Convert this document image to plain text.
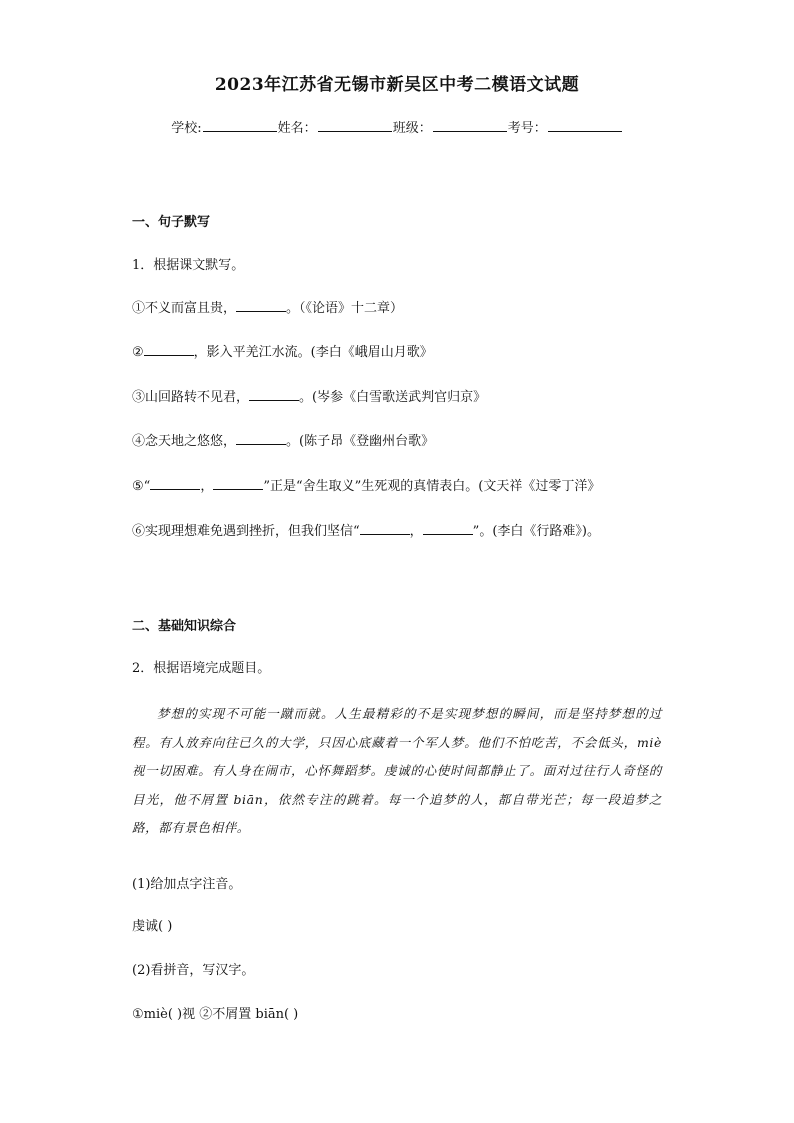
2023年江苏省无锡市新吴区中考二模语文试题
学校:	姓名：	班级：	考号：
一、句子默写
1．根据课文默写。
①不义而富且贵，	。（《论语》十二章）
②	，影入平羌江水流。(李白《峨眉山月歌》
③山回路转不见君，	。(岑参《白雪歌送武判官归京》
④念天地之悠悠，	。(陈子昂《登幽州台歌》
⑤“	，	”正是“舍生取义”生死观的真情表白。(文天祥《过零丁洋》
⑥实现理想难免遇到挫折，但我们坚信“	，	”。(李白《行路难》)。
二、基础知识综合
2．根据语境完成题目。
梦想的实现不可能一蹴而就。人生最精彩的不是实现梦想的瞬间，而是坚持梦想的过程。有人放弃向往已久的大学，只因心底藏着一个军人梦。他们不怕吃苦，不会低头，miè 视一切困难。有人身在闹市，心怀舞蹈梦。虔诚的心使时间都静止了。面对过往行人奇怪的目光，他不屑置 biān，依然专注的跳着。每一个追梦的人，都自带光芒；每一段追梦之路，都有景色相伴。
(1)给加点字注音。
虔诚( )
(2)看拼音，写汉字。
①miè( )视 ②不屑置 biān( )
